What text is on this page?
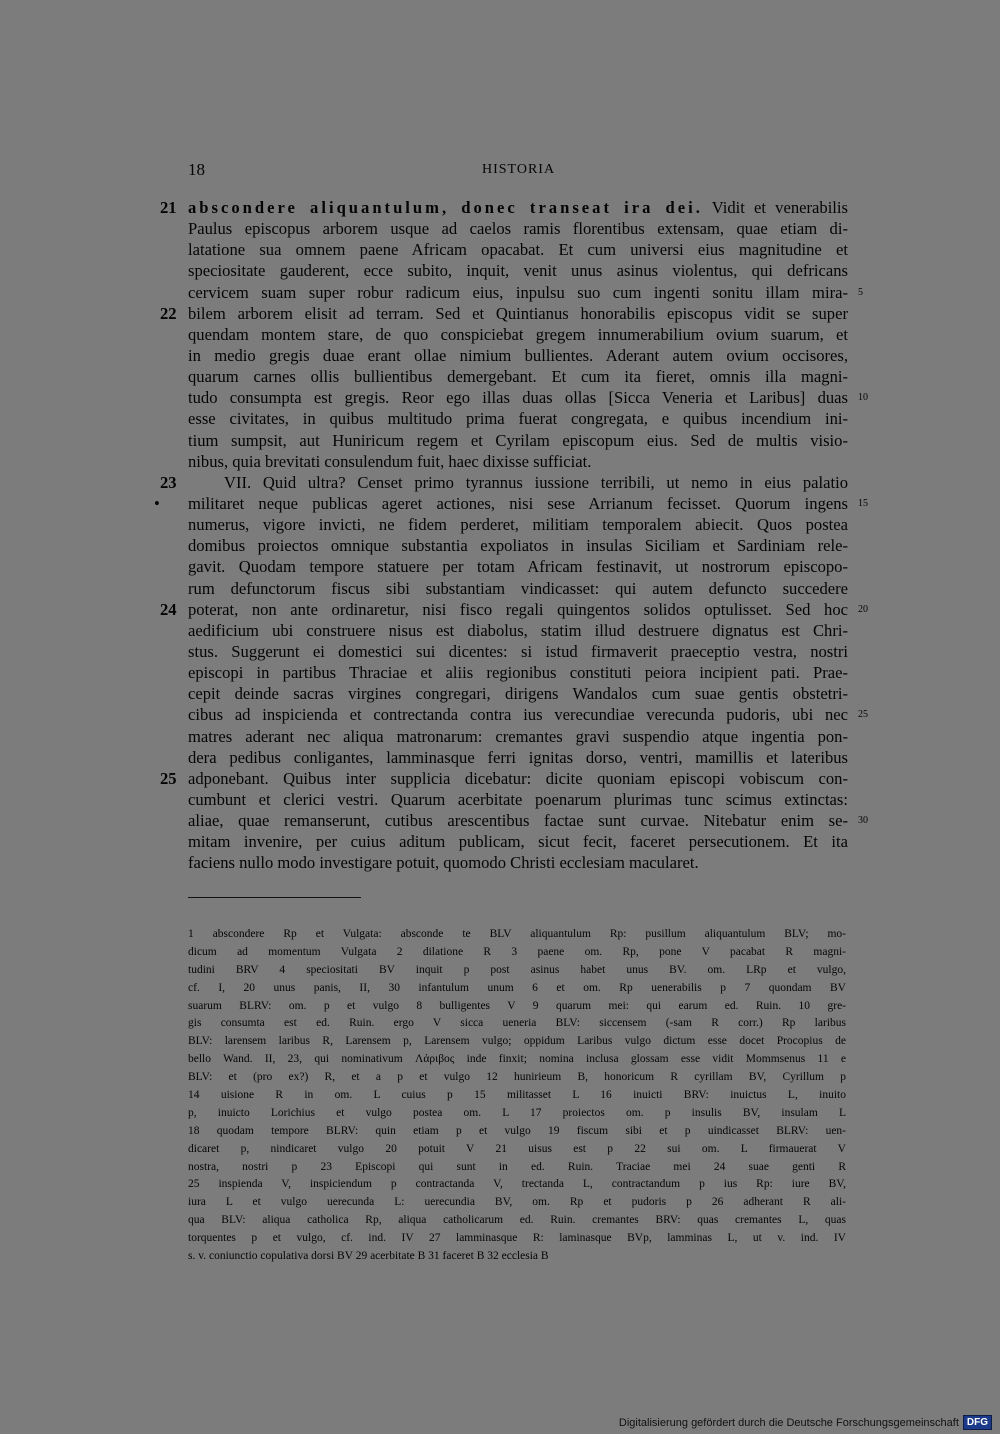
18	HISTORIA
21 abscondere aliquantulum, donec transeat ira dei. Vidit et venerabilis
Paulus episcopus arborem usque ad caelos ramis florentibus extensam, quae etiam di-
latatione sua omnem paene Africam opacabat. Et cum universi eius magnitudine et
speciositate gauderent, ecce subito, inquit, venit unus asinus violentus, qui defricans
cervicem suam super robur radicum eius, inpulsu suo cum ingenti sonitu illam mira- 5
22 bilem arborem elisit ad terram. Sed et Quintianus honorabilis episcopus vidit se super
quendam montem stare, de quo conspiciebat gregem innumerabilium ovium suarum, et
in medio gregis duae erant ollae nimium bullientes. Aderant autem ovium occisores,
quarum carnes ollis bullientibus demergebant. Et cum ita fieret, omnis illa magni-
tudo consumpta est gregis. Reor ego illas duas ollas [Sicca Veneria et Laribus] duas 10
esse civitates, in quibus multitudo prima fuerat congregata, e quibus incendium ini-
tium sumpsit, aut Huniricum regem et Cyrilam episcopum eius. Sed de multis visio-
nibus, quia brevitati consulendum fuit, haec dixisse sufficiat.
23	VII. Quid ultra? Censet primo tyrannus iussione terribili, ut nemo in eius palatio
• militaret neque publicas ageret actiones, nisi sese Arrianum fecisset. Quorum ingens 15
numerus, vigore invicti, ne fidem perderet, militiam temporalem abiecit. Quos postea
domibus proiectos omnique substantia expoliatos in insulas Siciliam et Sardiniam rele-
gavit. Quodam tempore statuere per totam Africam festinavit, ut nostrorum episcopo-
rum defunctorum fiscus sibi substantiam vindicasset: qui autem defuncto succedere
24 poterat, non ante ordinaretur, nisi fisco regali quingentos solidos optulisset. Sed hoc 20
aedificium ubi construere nisus est diabolus, statim illud destruere dignatus est Chri-
stus. Suggerunt ei domestici sui dicentes: si istud firmaverit praeceptio vestra, nostri
episcopi in partibus Thraciae et aliis regionibus constituti peiora incipient pati. Prae-
cepit deinde sacras virgines congregari, dirigens Wandalos cum suae gentis obstetri-
cibus ad inspicienda et contrectanda contra ius verecundiae verecunda pudoris, ubi nec 25
matres aderant nec aliqua matronarum: cremantes gravi suspendio atque ingentia pon-
dera pedibus conligantes, lamminasque ferri ignitas dorso, ventri, mamillis et lateribus
25 adponebant. Quibus inter supplicia dicebatur: dicite quoniam episcopi vobiscum con-
cumbunt et clerici vestri. Quarum acerbitate poenarum plurimas tunc scimus extinctas:
aliae, quae remanserunt, cutibus arescentibus factae sunt curvae. Nitebatur enim se- 30
mitam invenire, per cuius aditum publicam, sicut fecit, faceret persecutionem. Et ita
faciens nullo modo investigare potuit, quomodo Christi ecclesiam macularet.
1 abscondere Rp et Vulgata: absconde te BLV aliquantulum Rp: pusillum aliquantulum BLV; mo-
dicum ad momentum Vulgata 2 dilatione R 3 paene om. Rp, pone V pacabat R magni-
tudini BRV 4 speciositati BV inquit p post asinus habet unus BV. om. LRp et vulgo,
cf. I, 20 unus panis, II, 30 infantulum unum 6 et om. Rp uenerabilis p 7 quondam BV
suarum BLRV: om. p et vulgo 8 bulligentes V 9 quarum mei: qui earum ed. Ruin. 10 gre-
gis consumta est ed. Ruin. ergo V sicca ueneria BLV: siccensem (-sam R corr.) Rp laribus
BLV: larensem laribus R, Larensem p, Larensem vulgo; oppidum Laribus vulgo dictum esse docet Procopius de
bello Wand. II, 23, qui nominativum Λάριβος inde finxit; nomina inclusa glossam esse vidit Mommsenus 11 e
BLV: et (pro ex?) R, et a p et vulgo 12 hunirieum B, honoricum R cyrillam BV, Cyrillum p
14 uisione R in om. L cuius p 15 militasset L 16 inuicti BRV: inuictus L, inuito
p, inuicto Lorichius et vulgo postea om. L 17 proiectos om. p insulis BV, insulam L
18 quodam tempore BLRV: quin etiam p et vulgo 19 fiscum sibi et p uindicasset BLRV: uen-
dicaret p, nindicaret vulgo 20 potuit V 21 uisus est p 22 sui om. L firmauerat V
nostra, nostri p 23 Episcopi qui sunt in ed. Ruin. Traciae mei 24 suae genti R
25 inspienda V, inspiciendum p contractanda V, trectanda L, contractandum p ius Rp: iure BV,
iura L et vulgo uerecunda L: uerecundia BV, om. Rp et pudoris p 26 adherant R ali-
qua BLV: aliqua catholica Rp, aliqua catholicarum ed. Ruin. cremantes BRV: quas cremantes L, quas
torquentes p et vulgo, cf. ind. IV 27 lamminasque R: laminasque BVp, lamminas L, ut v. ind. IV
s. v. coniunctio copulativa dorsi BV 29 acerbitate B 31 faceret B 32 ecclesia B
Digitalisierung gefördert durch die Deutsche Forschungsgemeinschaft DFG
